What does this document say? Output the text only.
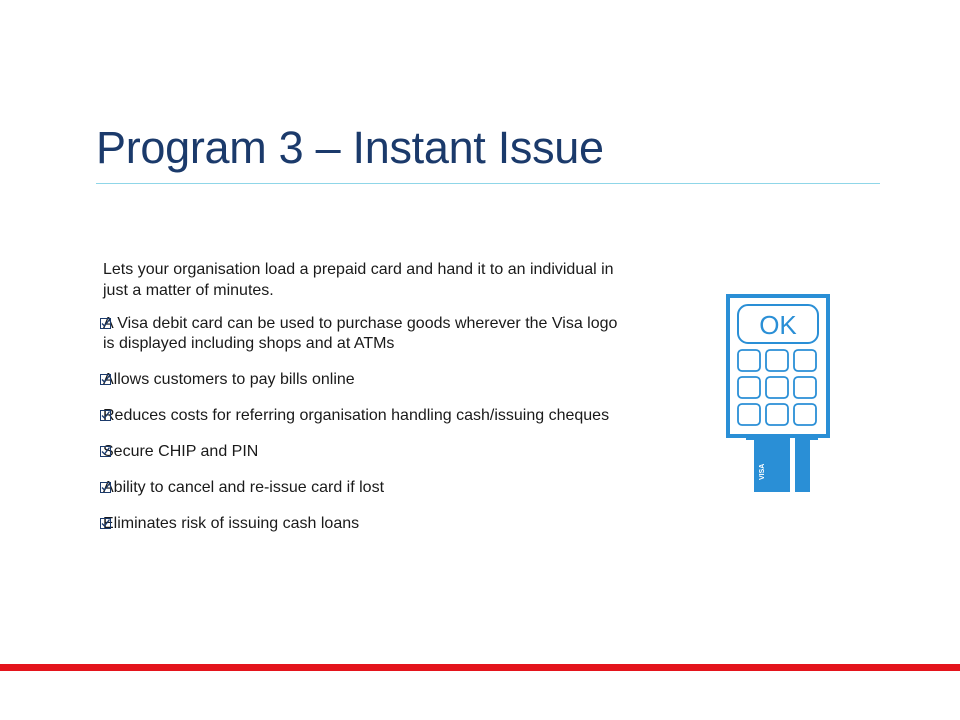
Program 3 – Instant Issue

Lets your organisation load a prepaid card and hand it to an individual in just a matter of minutes.

A Visa debit card can be used to purchase goods wherever the Visa logo is displayed including shops and at ATMs
Allows customers to pay bills online
Reduces costs for referring organisation handling cash/issuing cheques
Secure CHIP and PIN
Ability to cancel and re-issue card if lost
Eliminates risk of issuing cash loans
OK
VISA
